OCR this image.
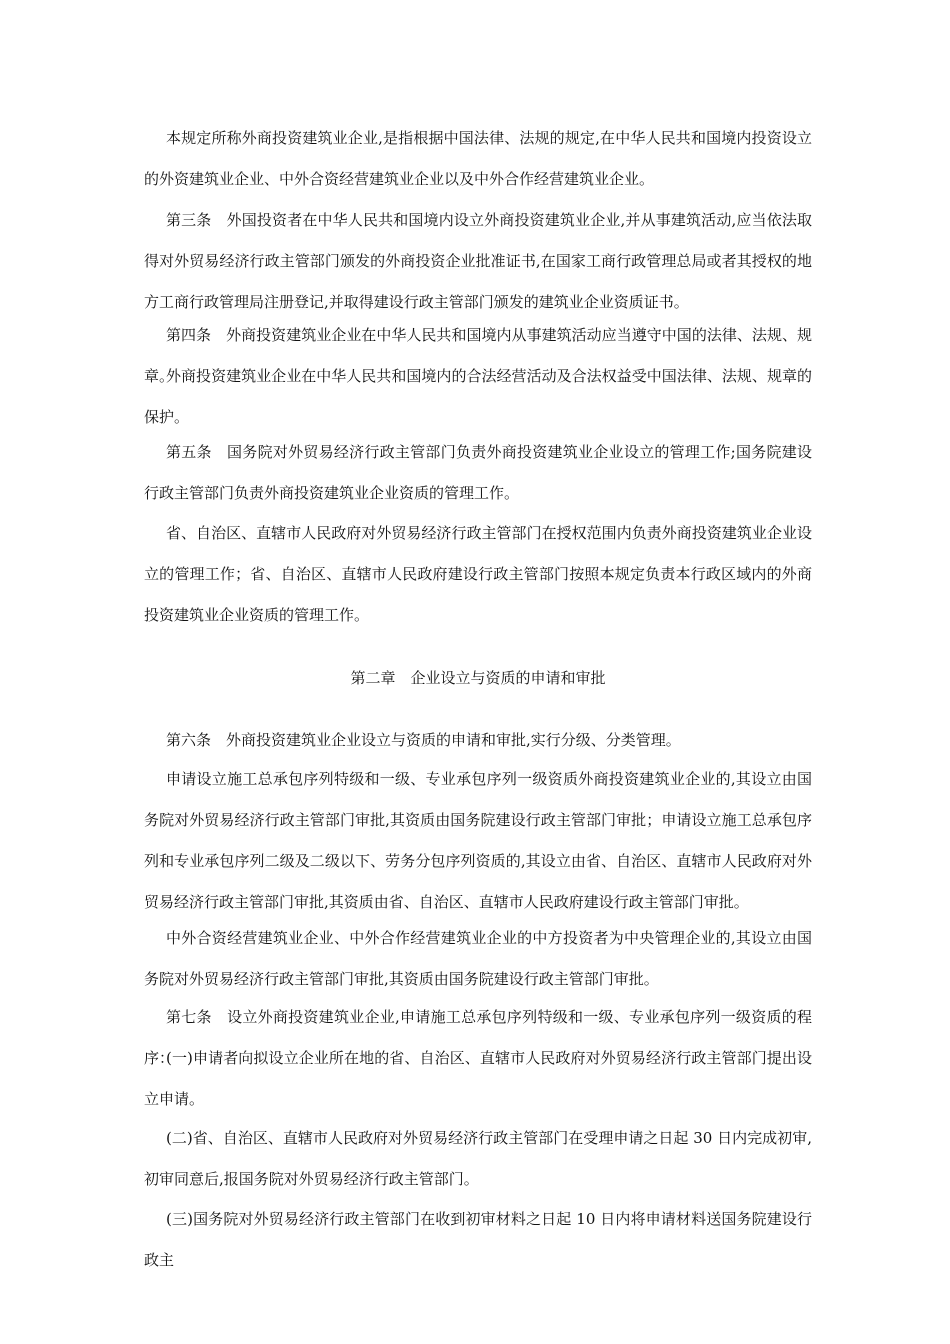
本规定所称外商投资建筑业企业,是指根据中国法律、法规的规定,在中华人民共和国境内投资设立的外资建筑业企业、中外合资经营建筑业企业以及中外合作经营建筑业企业。

第三条　外国投资者在中华人民共和国境内设立外商投资建筑业企业,并从事建筑活动,应当依法取得对外贸易经济行政主管部门颁发的外商投资企业批准证书,在国家工商行政管理总局或者其授权的地方工商行政管理局注册登记,并取得建设行政主管部门颁发的建筑业企业资质证书。

第四条　外商投资建筑业企业在中华人民共和国境内从事建筑活动应当遵守中国的法律、法规、规章。

外商投资建筑业企业在中华人民共和国境内的合法经营活动及合法权益受中国法律、法规、规章的保护。

第五条　国务院对外贸易经济行政主管部门负责外商投资建筑业企业设立的管理工作;国务院建设行政主管部门负责外商投资建筑业企业资质的管理工作。

省、自治区、直辖市人民政府对外贸易经济行政主管部门在授权范围内负责外商投资建筑业企业设立的管理工作；省、自治区、直辖市人民政府建设行政主管部门按照本规定负责本行政区域内的外商投资建筑业企业资质的管理工作。

第二章　企业设立与资质的申请和审批

第六条　外商投资建筑业企业设立与资质的申请和审批,实行分级、分类管理。

申请设立施工总承包序列特级和一级、专业承包序列一级资质外商投资建筑业企业的,其设立由国务院对外贸易经济行政主管部门审批,其资质由国务院建设行政主管部门审批；申请设立施工总承包序列和专业承包序列二级及二级以下、劳务分包序列资质的,其设立由省、自治区、直辖市人民政府对外贸易经济行政主管部门审批,其资质由省、自治区、直辖市人民政府建设行政主管部门审批。

中外合资经营建筑业企业、中外合作经营建筑业企业的中方投资者为中央管理企业的,其设立由国务院对外贸易经济行政主管部门审批,其资质由国务院建设行政主管部门审批。

第七条　设立外商投资建筑业企业,申请施工总承包序列特级和一级、专业承包序列一级资质的程序：

(一)申请者向拟设立企业所在地的省、自治区、直辖市人民政府对外贸易经济行政主管部门提出设立申请。

(二)省、自治区、直辖市人民政府对外贸易经济行政主管部门在受理申请之日起 30 日内完成初审,初审同意后,报国务院对外贸易经济行政主管部门。

(三)国务院对外贸易经济行政主管部门在收到初审材料之日起 10 日内将申请材料送国务院建设行政主
